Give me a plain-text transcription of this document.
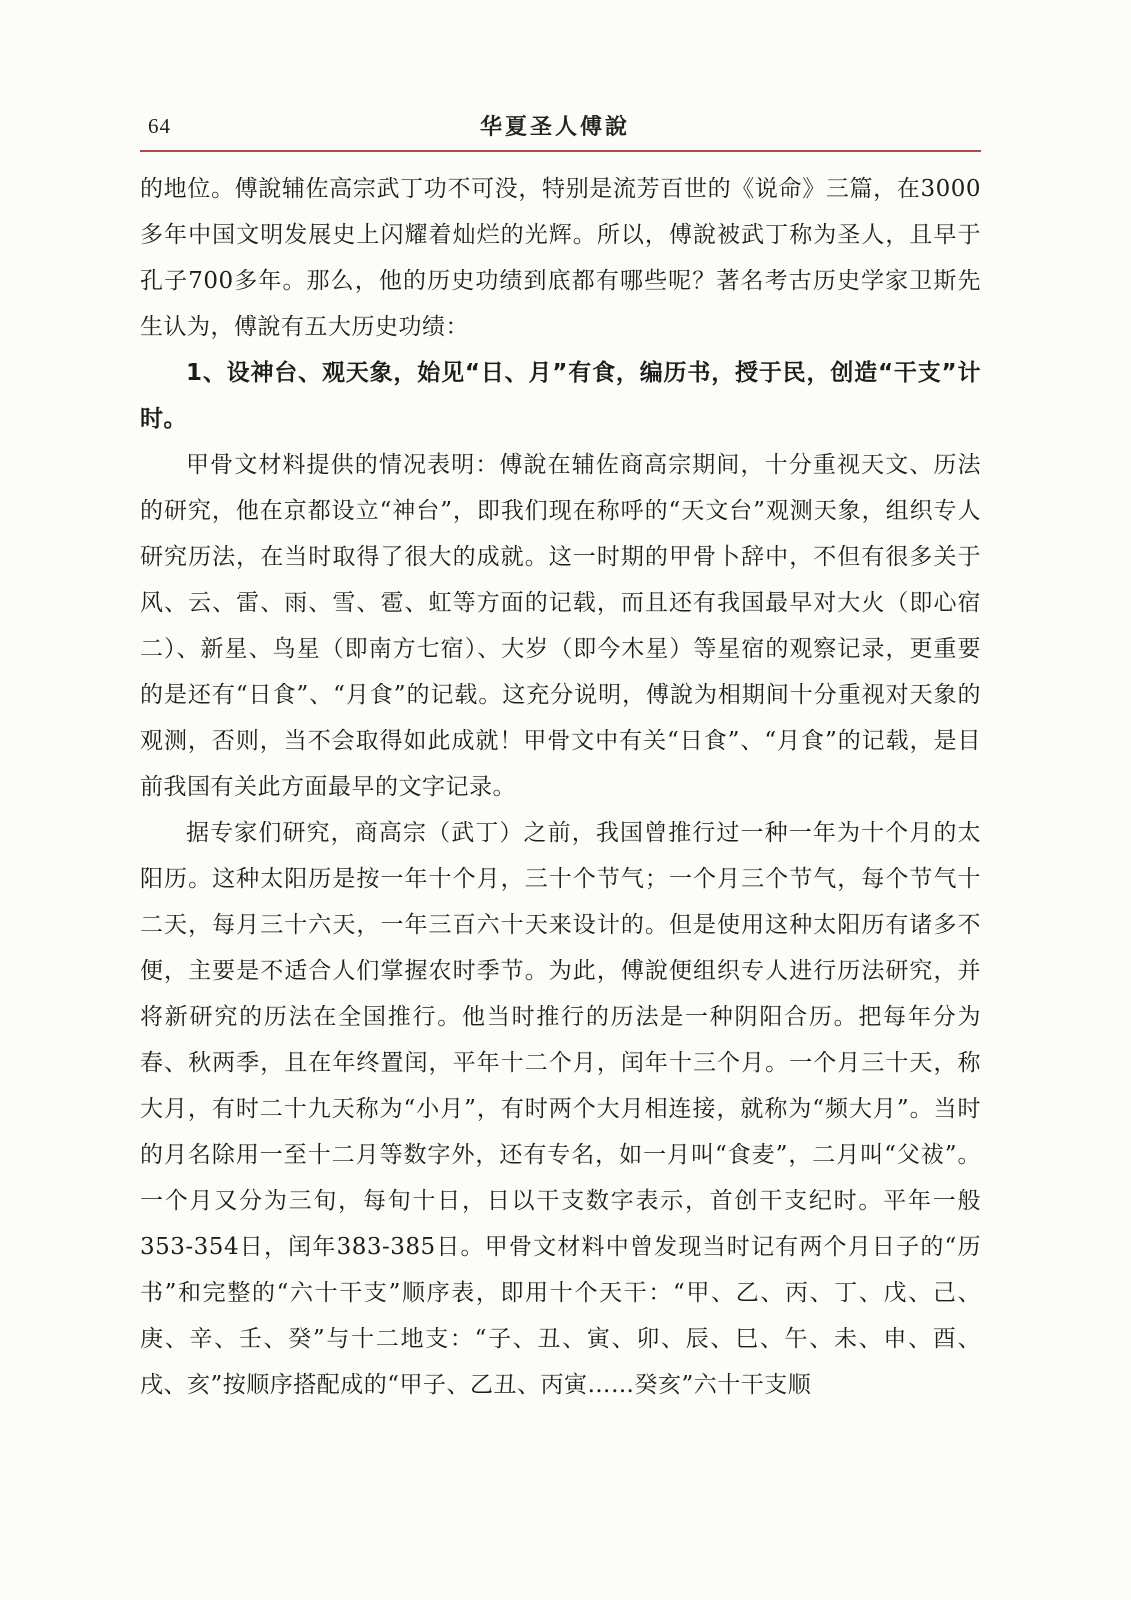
64	华夏圣人傅說

的地位。傅說辅佐高宗武丁功不可没，特别是流芳百世的《说命》三篇，在3000多年中国文明发展史上闪耀着灿烂的光辉。所以，傅說被武丁称为圣人，且早于孔子700多年。那么，他的历史功绩到底都有哪些呢？著名考古历史学家卫斯先生认为，傅說有五大历史功绩：

1、设神台、观天象，始见“日、月”有食，编历书，授于民，创造“干支”计时。

甲骨文材料提供的情况表明：傅說在辅佐商高宗期间，十分重视天文、历法的研究，他在京都设立“神台”，即我们现在称呼的“天文台”观测天象，组织专人研究历法，在当时取得了很大的成就。这一时期的甲骨卜辞中，不但有很多关于风、云、雷、雨、雪、雹、虹等方面的记载，而且还有我国最早对大火（即心宿二）、新星、鸟星（即南方七宿）、大岁（即今木星）等星宿的观察记录，更重要的是还有“日食”、“月食”的记载。这充分说明，傅說为相期间十分重视对天象的观测，否则，当不会取得如此成就！甲骨文中有关“日食”、“月食”的记载，是目前我国有关此方面最早的文字记录。

据专家们研究，商高宗（武丁）之前，我国曾推行过一种一年为十个月的太阳历。这种太阳历是按一年十个月，三十个节气；一个月三个节气，每个节气十二天，每月三十六天，一年三百六十天来设计的。但是使用这种太阳历有诸多不便，主要是不适合人们掌握农时季节。为此，傅說便组织专人进行历法研究，并将新研究的历法在全国推行。他当时推行的历法是一种阴阳合历。把每年分为春、秋两季，且在年终置闰，平年十二个月，闰年十三个月。一个月三十天，称大月，有时二十九天称为“小月”，有时两个大月相连接，就称为“频大月”。当时的月名除用一至十二月等数字外，还有专名，如一月叫“食麦”，二月叫“父祓”。一个月又分为三旬，每旬十日，日以干支数字表示，首创干支纪时。平年一般353-354日，闰年383-385日。甲骨文材料中曾发现当时记有两个月日子的“历书”和完整的“六十干支”顺序表，即用十个天干：“甲、乙、丙、丁、戊、己、庚、辛、壬、癸”与十二地支：“子、丑、寅、卯、辰、巳、午、未、申、酉、戌、亥”按顺序搭配成的“甲子、乙丑、丙寅……癸亥”六十干支顺
